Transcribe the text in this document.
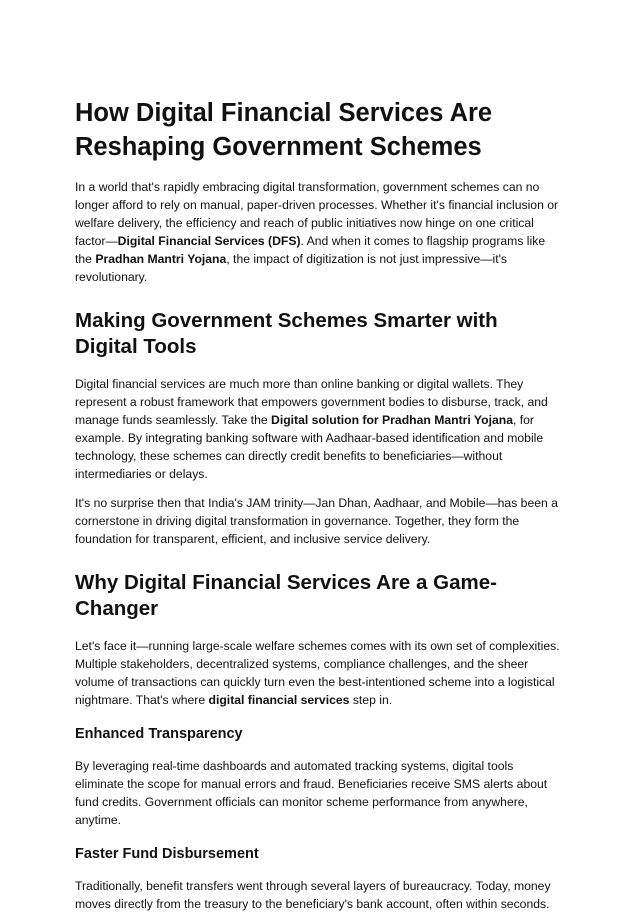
How Digital Financial Services Are Reshaping Government Schemes

In a world that's rapidly embracing digital transformation, government schemes can no longer afford to rely on manual, paper-driven processes. Whether it's financial inclusion or welfare delivery, the efficiency and reach of public initiatives now hinge on one critical factor—Digital Financial Services (DFS). And when it comes to flagship programs like the Pradhan Mantri Yojana, the impact of digitization is not just impressive—it's revolutionary.

Making Government Schemes Smarter with Digital Tools

Digital financial services are much more than online banking or digital wallets. They represent a robust framework that empowers government bodies to disburse, track, and manage funds seamlessly. Take the Digital solution for Pradhan Mantri Yojana, for example. By integrating banking software with Aadhaar-based identification and mobile technology, these schemes can directly credit benefits to beneficiaries—without intermediaries or delays.

It's no surprise then that India's JAM trinity—Jan Dhan, Aadhaar, and Mobile—has been a cornerstone in driving digital transformation in governance. Together, they form the foundation for transparent, efficient, and inclusive service delivery.

Why Digital Financial Services Are a Game-Changer

Let's face it—running large-scale welfare schemes comes with its own set of complexities. Multiple stakeholders, decentralized systems, compliance challenges, and the sheer volume of transactions can quickly turn even the best-intentioned scheme into a logistical nightmare. That's where digital financial services step in.

Enhanced Transparency

By leveraging real-time dashboards and automated tracking systems, digital tools eliminate the scope for manual errors and fraud. Beneficiaries receive SMS alerts about fund credits. Government officials can monitor scheme performance from anywhere, anytime.

Faster Fund Disbursement

Traditionally, benefit transfers went through several layers of bureaucracy. Today, money moves directly from the treasury to the beneficiary's bank account, often within seconds.
